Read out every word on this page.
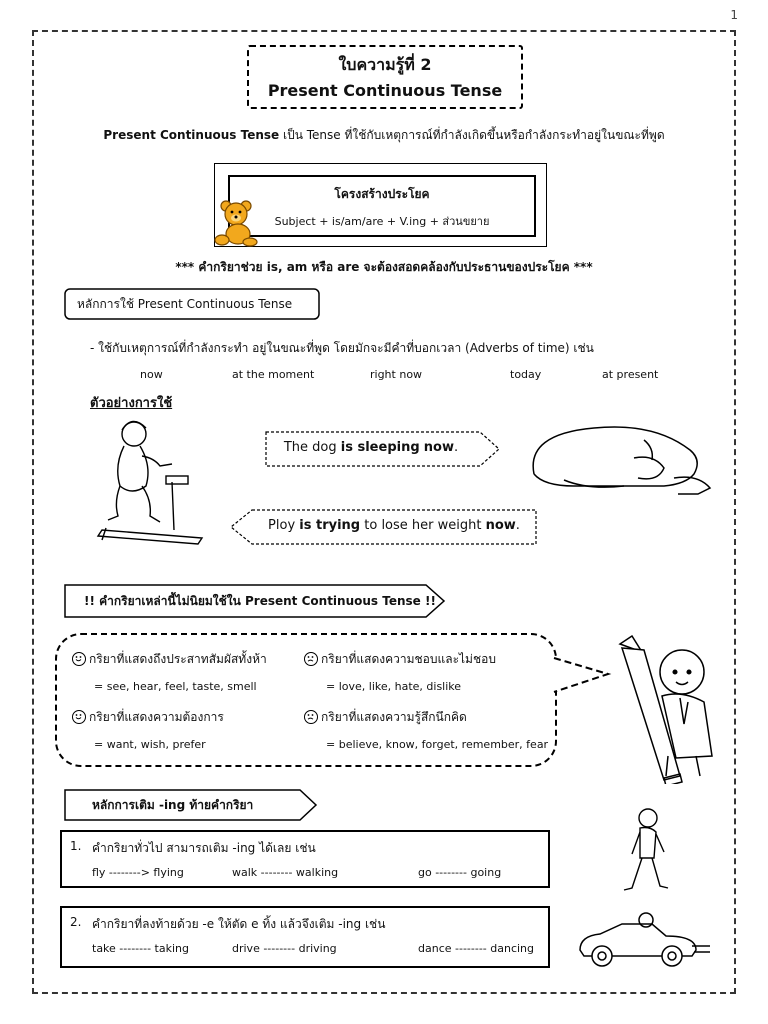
1
ใบความรู้ที่ 2
Present Continuous Tense
Present Continuous Tense เป็น Tense ที่ใช้กับเหตุการณ์ที่กำลังเกิดขึ้นหรือกำลังกระทำอยู่ในขณะที่พูด
โครงสร้างประโยค
Subject + is/am/are + V.ing + ส่วนขยาย
*** คำกริยาช่วย is, am หรือ are จะต้องสอดคล้องกับประธานของประโยค ***
หลักการใช้ Present Continuous Tense
- ใช้กับเหตุการณ์ที่กำลังกระทำ อยู่ในขณะที่พูด โดยมักจะมีคำที่บอกเวลา (Adverbs of time) เช่น
now	at the moment	right now	today	at present
ตัวอย่างการใช้
The dog is sleeping now.
Ploy is trying to lose her weight now.
!! คำกริยาเหล่านี้ไม่นิยมใช้ใน Present Continuous Tense !!
กริยาที่แสดงถึงประสาทสัมผัสทั้งห้า
= see, hear, feel, taste, smell
กริยาที่แสดงความต้องการ
= want, wish, prefer
กริยาที่แสดงความชอบและไม่ชอบ
= love, like, hate, dislike
กริยาที่แสดงความรู้สึกนึกคิด
= believe, know, forget, remember, fear
หลักการเติม -ing ท้ายคำกริยา
1. คำกริยาทั่วไป สามารถเติม -ing ได้เลย เช่น
fly --------> flying	walk -------- walking	go -------- going
2. คำกริยาที่ลงท้ายด้วย -e ให้ตัด e ทิ้ง แล้วจึงเติม -ing เช่น
take -------- taking	drive -------- driving	dance -------- dancing
